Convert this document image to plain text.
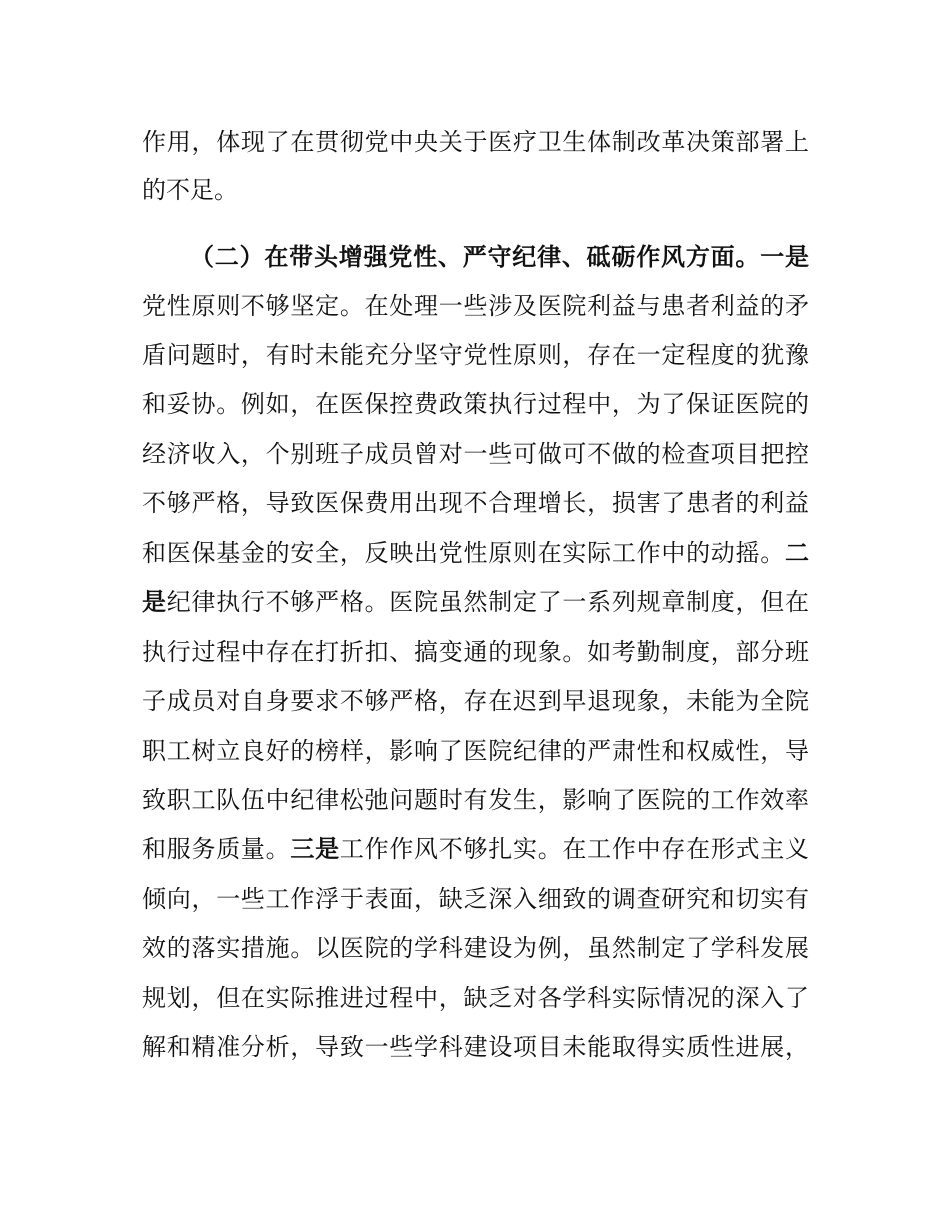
作用，体现了在贯彻党中央关于医疗卫生体制改革决策部署上
的不足。
（二）在带头增强党性、严守纪律、砥砺作风方面。一是
党性原则不够坚定。在处理一些涉及医院利益与患者利益的矛
盾问题时，有时未能充分坚守党性原则，存在一定程度的犹豫
和妥协。例如，在医保控费政策执行过程中，为了保证医院的
经济收入，个别班子成员曾对一些可做可不做的检查项目把控
不够严格，导致医保费用出现不合理增长，损害了患者的利益
和医保基金的安全，反映出党性原则在实际工作中的动摇。二
是纪律执行不够严格。医院虽然制定了一系列规章制度，但在
执行过程中存在打折扣、搞变通的现象。如考勤制度，部分班
子成员对自身要求不够严格，存在迟到早退现象，未能为全院
职工树立良好的榜样，影响了医院纪律的严肃性和权威性，导
致职工队伍中纪律松弛问题时有发生，影响了医院的工作效率
和服务质量。三是工作作风不够扎实。在工作中存在形式主义
倾向，一些工作浮于表面，缺乏深入细致的调查研究和切实有
效的落实措施。以医院的学科建设为例，虽然制定了学科发展
规划，但在实际推进过程中，缺乏对各学科实际情况的深入了
解和精准分析，导致一些学科建设项目未能取得实质性进展，
